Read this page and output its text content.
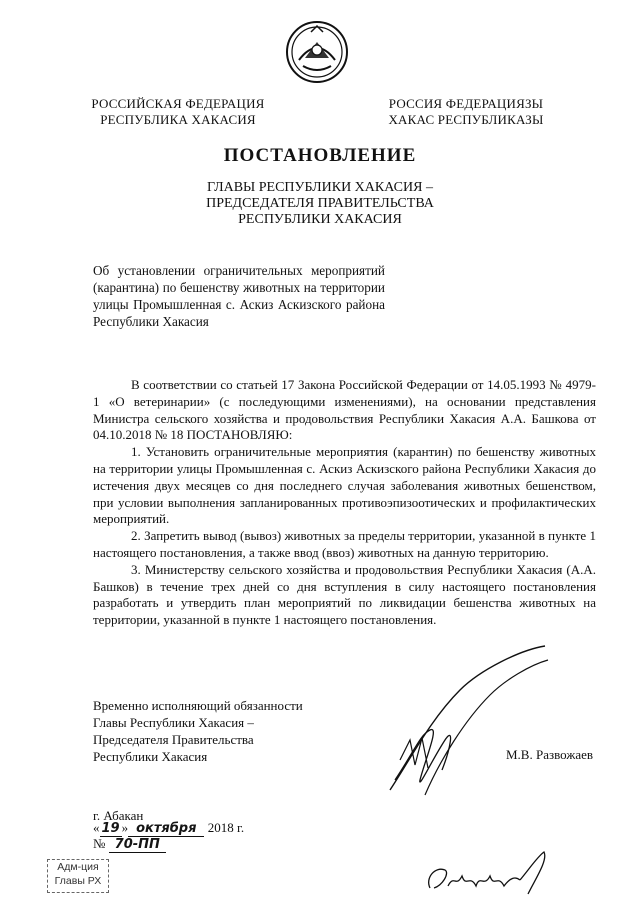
РОССИЙСКАЯ ФЕДЕРАЦИЯ
РЕСПУБЛИКА ХАКАСИЯ
РОССИЯ ФЕДЕРАЦИЯЗЫ
ХАКАС РЕСПУБЛИКАЗЫ
ПОСТАНОВЛЕНИЕ
ГЛАВЫ РЕСПУБЛИКИ ХАКАСИЯ –
ПРЕДСЕДАТЕЛЯ ПРАВИТЕЛЬСТВА
РЕСПУБЛИКИ ХАКАСИЯ
Об установлении ограничительных мероприятий (карантина) по бешенству животных на территории улицы Промышленная с. Аскиз Аскизского района Республики Хакасия

В соответствии со статьей 17 Закона Российской Федерации от 14.05.1993 № 4979-1 «О ветеринарии» (с последующими изменениями), на основании представления Министра сельского хозяйства и продовольствия Республики Хакасия А.А. Башкова от 04.10.2018 № 18 ПОСТАНОВЛЯЮ:

1. Установить ограничительные мероприятия (карантин) по бешенству животных на территории улицы Промышленная с. Аскиз Аскизского района Республики Хакасия до истечения двух месяцев со дня последнего случая заболевания животных бешенством, при условии выполнения запланированных противоэпизоотических и профилактических мероприятий.

2. Запретить вывод (вывоз) животных за пределы территории, указанной в пункте 1 настоящего постановления, а также ввод (ввоз) животных на данную территорию.

3. Министерству сельского хозяйства и продовольствия Республики Хакасия (А.А. Башков) в течение трех дней со дня вступления в силу настоящего постановления разработать и утвердить план мероприятий по ликвидации бешенства животных на территории, указанной в пункте 1 настоящего постановления.

Временно исполняющий обязанности
Главы Республики Хакасия –
Председателя Правительства
Республики Хакасия	М.В. Развожаев
г. Абакан
« 19 » октября 2018 г.
№ 70-ПП
Адм-ция
Главы РХ
